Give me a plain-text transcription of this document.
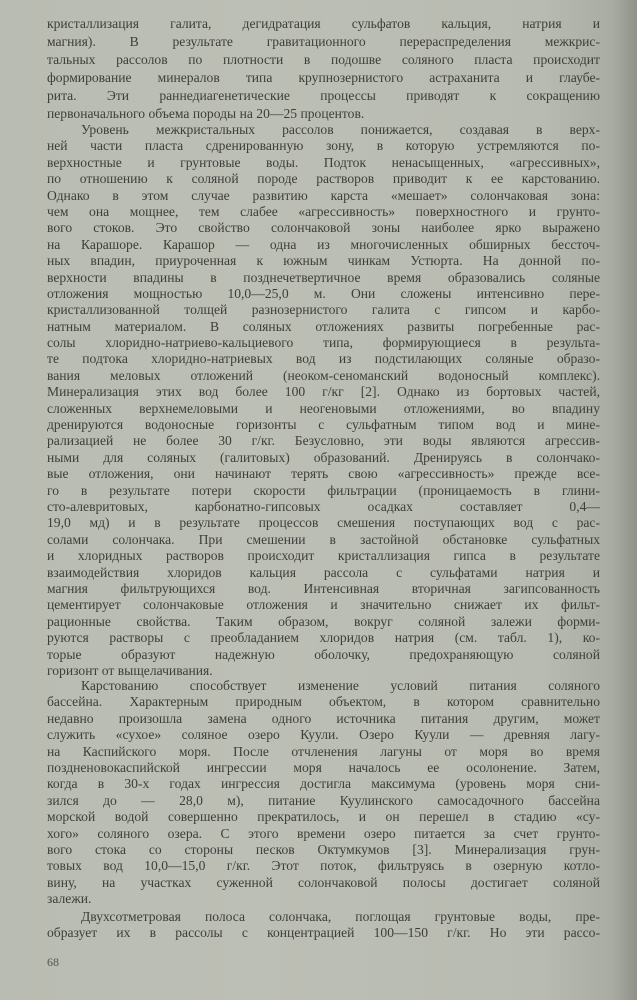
кристаллизация галита, дегидратация сульфатов кальция, натрия и
магния). В результате гравитационного перераспределения межкрис-
тальных рассолов по плотности в подошве соляного пласта происходит
формирование минералов типа крупнозернистого астраханита и глаубе-
рита. Эти раннедиагенетические процессы приводят к сокращению
первоначального объема породы на 20—25 процентов.
Уровень межкристальных рассолов понижается, создавая в верх-
ней части пласта сдренированную зону, в которую устремляются по-
верхностные и грунтовые воды. Подток ненасыщенных, «агрессивных»,
по отношению к соляной породе растворов приводит к ее карстованию.
Однако в этом случае развитию карста «мешает» солончаковая зона:
чем она мощнее, тем слабее «агрессивность» поверхностного и грунто-
вого стоков. Это свойство солончаковой зоны наиболее ярко выражено
на Карашоре. Карашор — одна из многочисленных обширных бессточ-
ных впадин, приуроченная к южным чинкам Устюрта. На донной по-
верхности впадины в позднечетвертичное время образовались соляные
отложения мощностью 10,0—25,0 м. Они сложены интенсивно пере-
кристаллизованной толщей разнозернистого галита с гипсом и карбо-
натным материалом. В соляных отложениях развиты погребенные рас-
солы хлоридно-натриево-кальциевого типа, формирующиеся в результа-
те подтока хлоридно-натриевых вод из подстилающих соляные образо-
вания меловых отложений (неоком-сеноманский водоносный комплекс).
Минерализация этих вод более 100 г/кг [2]. Однако из бортовых частей,
сложенных верхнемеловыми и неогеновыми отложениями, во впадину
дренируются водоносные горизонты с сульфатным типом вод и мине-
рализацией не более 30 г/кг. Безусловно, эти воды являются агрессив-
ными для соляных (галитовых) образований. Дренируясь в солончако-
вые отложения, они начинают терять свою «агрессивность» прежде все-
го в результате потери скорости фильтрации (проницаемость в глини-
сто-алевритовых, карбонатно-гипсовых осадках составляет 0,4—
19,0 мд) и в результате процессов смешения поступающих вод с рас-
солами солончака. При смешении в застойной обстановке сульфатных
и хлоридных растворов происходит кристаллизация гипса в результате
взаимодействия хлоридов кальция рассола с сульфатами натрия и
магния фильтрующихся вод. Интенсивная вторичная загипсованность
цементирует солончаковые отложения и значительно снижает их фильт-
рационные свойства. Таким образом, вокруг соляной залежи форми-
руются растворы с преобладанием хлоридов натрия (см. табл. 1), ко-
торые образуют надежную оболочку, предохраняющую соляной
горизонт от выщелачивания.
Карстованию способствует изменение условий питания соляного
бассейна. Характерным природным объектом, в котором сравнительно
недавно произошла замена одного источника питания другим, может
служить «сухое» соляное озеро Куули. Озеро Куули — древняя лагу-
на Каспийского моря. После отчленения лагуны от моря во время
поздненовокаспийской ингрессии моря началось ее осолонение. Затем,
когда в 30-х годах ингрессия достигла максимума (уровень моря сни-
зился до — 28,0 м), питание Куулинского самосадочного бассейна
морской водой совершенно прекратилось, и он перешел в стадию «су-
хого» соляного озера. С этого времени озеро питается за счет грунто-
вого стока со стороны песков Октумкумов [3]. Минерализация грун-
товых вод 10,0—15,0 г/кг. Этот поток, фильтруясь в озерную котло-
вину, на участках суженной солончаковой полосы достигает соляной
залежи.
Двухсотметровая полоса солончака, поглощая грунтовые воды, пре-
образует их в рассолы с концентрацией 100—150 г/кг. Но эти рассо-
68
